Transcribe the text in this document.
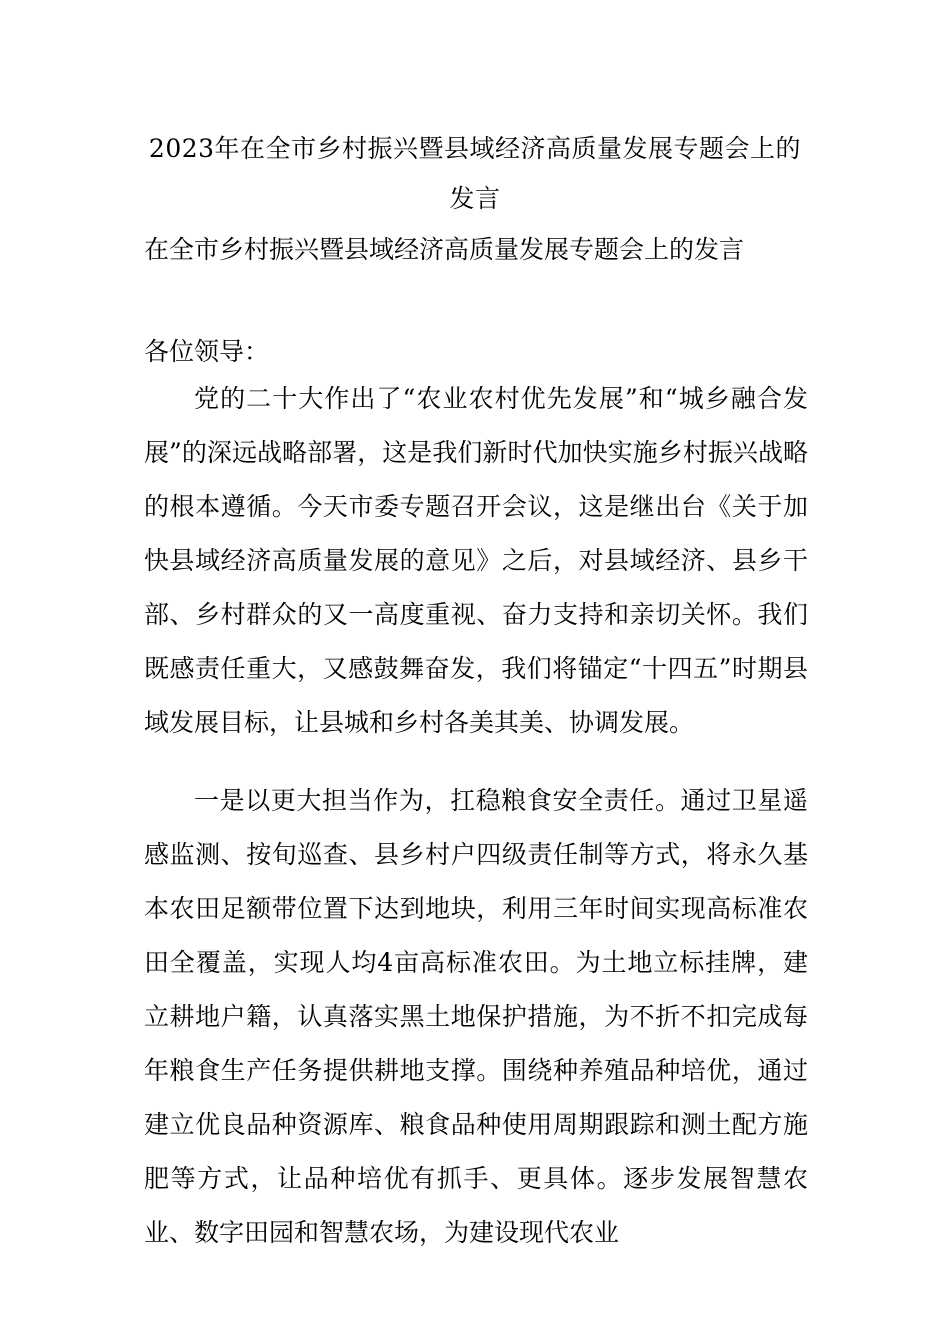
2023年在全市乡村振兴暨县域经济高质量发展专题会上的发言

在全市乡村振兴暨县域经济高质量发展专题会上的发言

各位领导：

党的二十大作出了“农业农村优先发展”和“城乡融合发展”的深远战略部署，这是我们新时代加快实施乡村振兴战略的根本遵循。今天市委专题召开会议，这是继出台《关于加快县域经济高质量发展的意见》之后，对县域经济、县乡干部、乡村群众的又一高度重视、奋力支持和亲切关怀。我们既感责任重大，又感鼓舞奋发，我们将锚定“十四五”时期县域发展目标，让县城和乡村各美其美、协调发展。

一是以更大担当作为，扛稳粮食安全责任。通过卫星遥感监测、按旬巡查、县乡村户四级责任制等方式，将永久基本农田足额带位置下达到地块，利用三年时间实现高标准农田全覆盖，实现人均4亩高标准农田。为土地立标挂牌，建立耕地户籍，认真落实黑土地保护措施，为不折不扣完成每年粮食生产任务提供耕地支撑。围绕种养殖品种培优，通过建立优良品种资源库、粮食品种使用周期跟踪和测土配方施肥等方式，让品种培优有抓手、更具体。逐步发展智慧农业、数字田园和智慧农场，为建设现代农业
